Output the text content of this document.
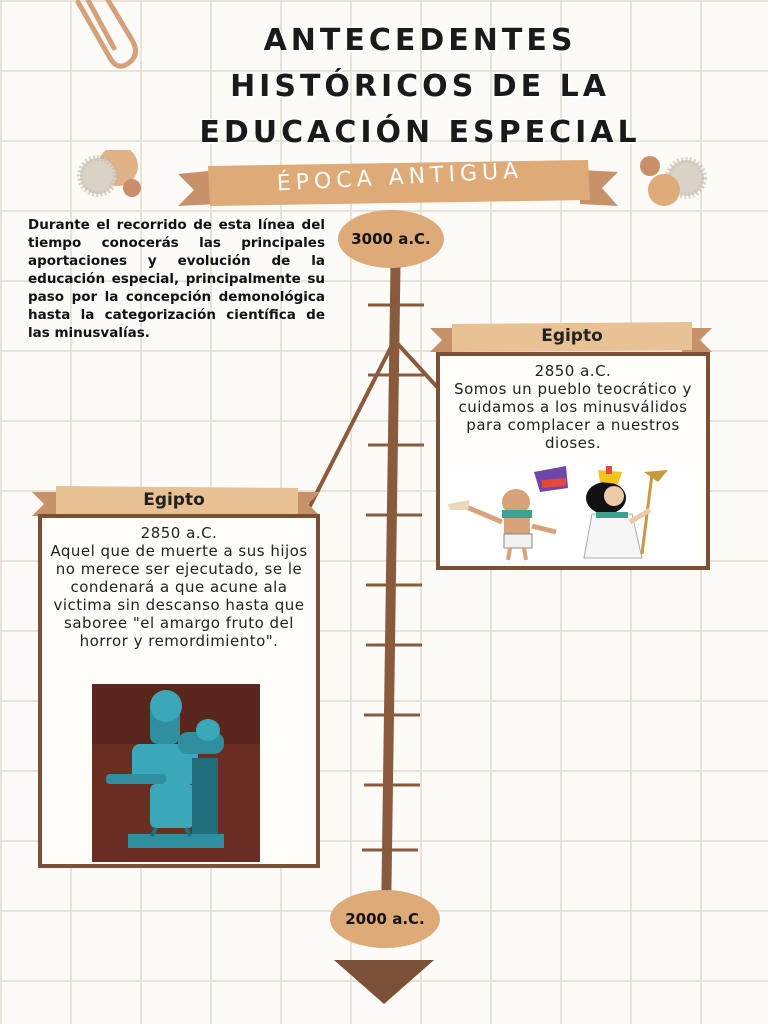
ANTECEDENTES
HISTÓRICOS DE LA
EDUCACIÓN ESPECIAL
ÉPOCA ANTIGUA
Durante el recorrido de esta línea del tiempo conocerás las principales aportaciones y evolución de la educación especial, principalmente su paso por la concepción demonológica hasta la categorización científica de las minusvalías.
3000 a.C.
2000 a.C.
Egipto
2850 a.C.
Somos un pueblo teocrático y cuidamos a los minusválidos para complacer a nuestros dioses.
Egipto
2850 a.C.
Aquel que de muerte a sus hijos no merece ser ejecutado, se le condenará a que acune ala victima sin descanso hasta que saboree "el amargo fruto del horror y remordimiento".
